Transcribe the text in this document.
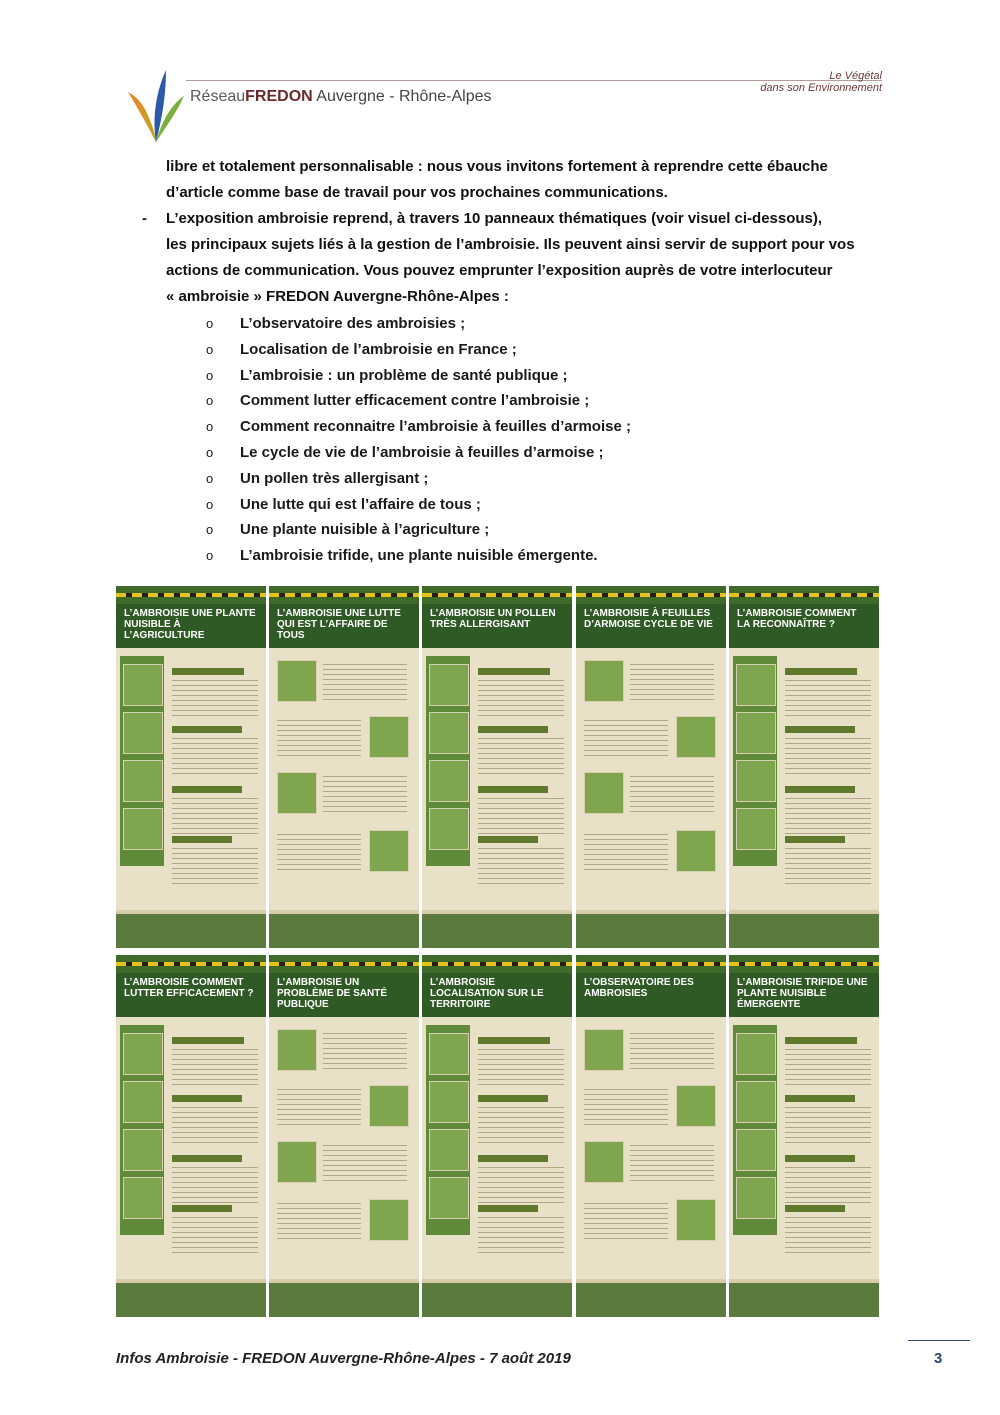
RéseauFREDON Auvergne - Rhône-Alpes
Le Végétal
dans son Environnement
libre et totalement personnalisable : nous vous invitons fortement à reprendre cette ébauche
d’article comme base de travail pour vos prochaines communications.
- L’exposition ambroisie reprend, à travers 10 panneaux thématiques (voir visuel ci-dessous),
les principaux sujets liés à la gestion de l’ambroisie. Ils peuvent ainsi servir de support pour vos
actions de communication. Vous pouvez emprunter l’exposition auprès de votre interlocuteur
« ambroisie » FREDON Auvergne-Rhône-Alpes :
o L’observatoire des ambroisies ;
o Localisation de l’ambroisie en France ;
o L’ambroisie : un problème de santé publique ;
o Comment lutter efficacement contre l’ambroisie ;
o Comment reconnaitre l’ambroisie à feuilles d’armoise ;
o Le cycle de vie de l’ambroisie à feuilles d’armoise ;
o Un pollen très allergisant ;
o Une lutte qui est l’affaire de tous ;
o Une plante nuisible à l’agriculture ;
o L’ambroisie trifide, une plante nuisible émergente.
L’AMBROISIE UNE PLANTE NUISIBLE À L’AGRICULTURE
L’AMBROISIE UNE LUTTE QUI EST L’AFFAIRE DE TOUS
L’AMBROISIE UN POLLEN TRÈS ALLERGISANT
L’AMBROISIE À FEUILLES D’ARMOISE CYCLE DE VIE
L’AMBROISIE COMMENT LA RECONNAÎTRE ?
L’AMBROISIE COMMENT LUTTER EFFICACEMENT ?
L’AMBROISIE UN PROBLÈME DE SANTÉ PUBLIQUE
L’AMBROISIE LOCALISATION SUR LE TERRITOIRE
L’OBSERVATOIRE DES AMBROISIES
L’AMBROISIE TRIFIDE UNE PLANTE NUISIBLE ÉMERGENTE
Infos Ambroisie - FREDON Auvergne-Rhône-Alpes - 7 août 2019	3
